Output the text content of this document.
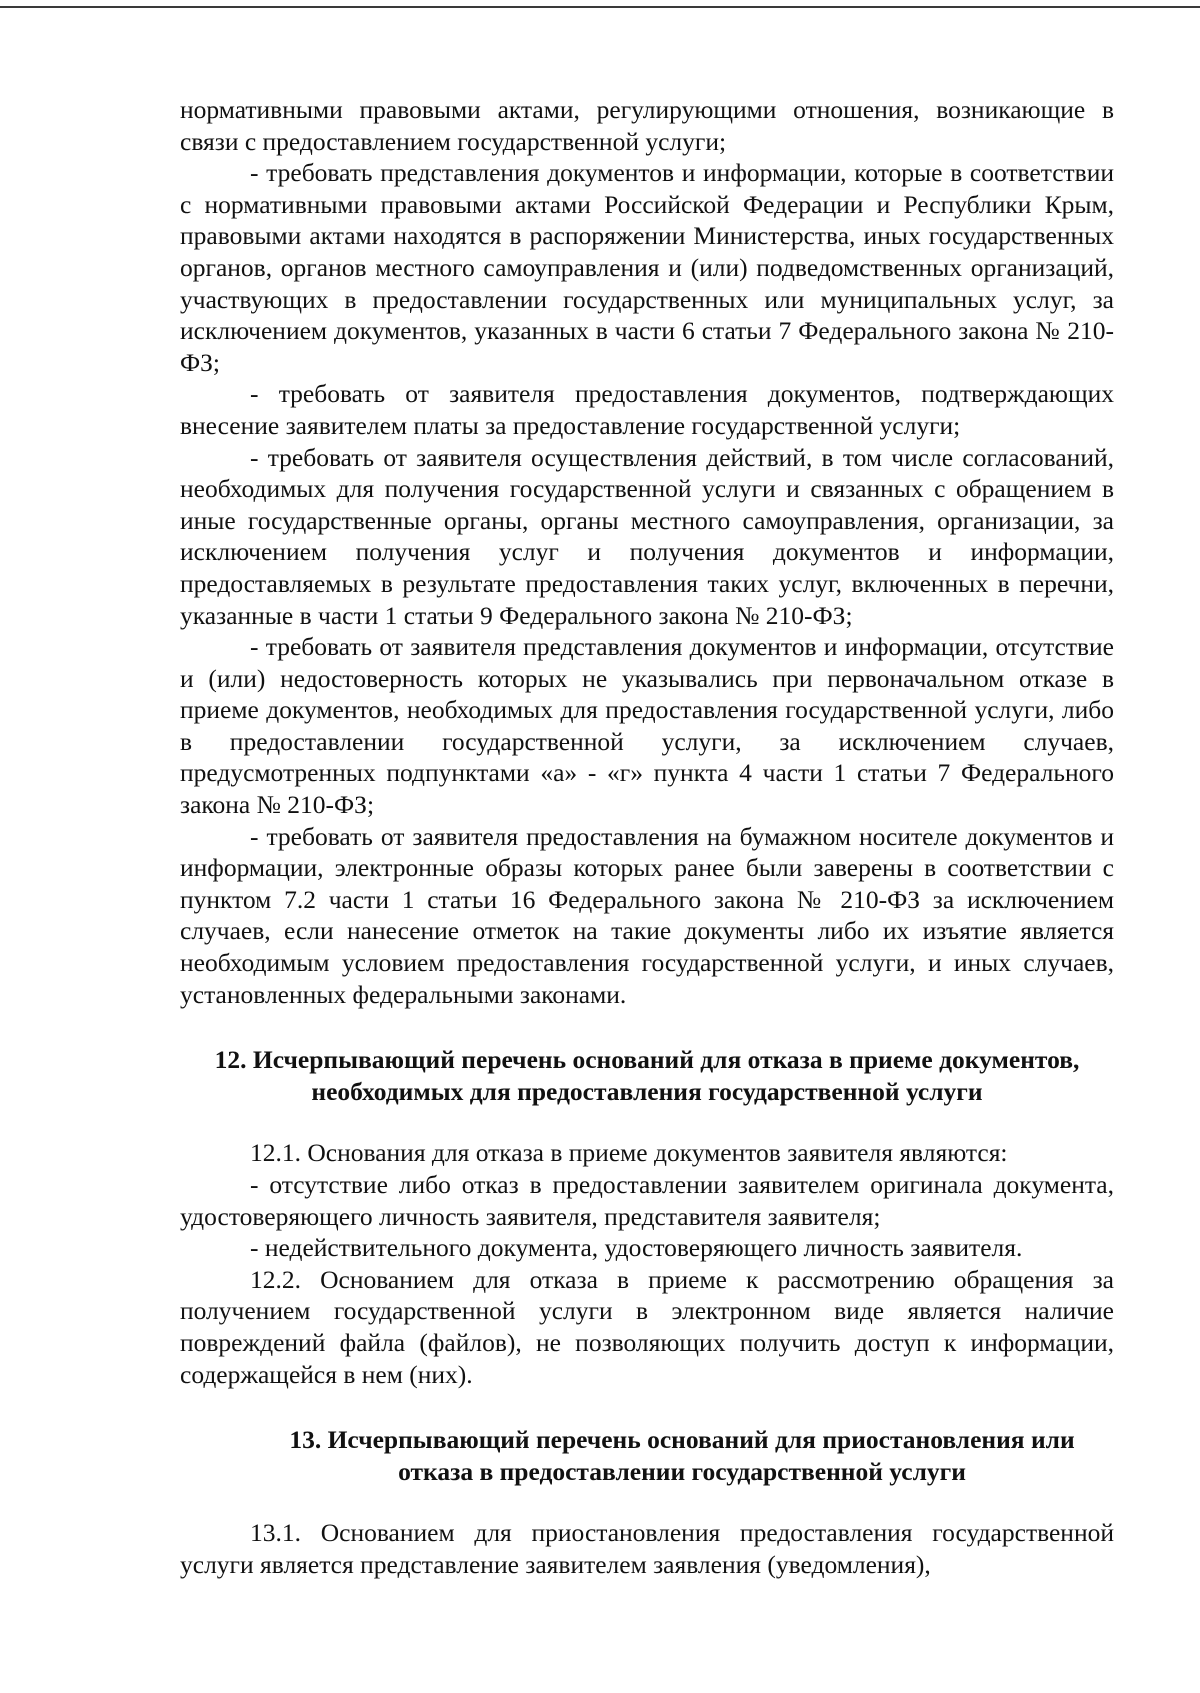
нормативными правовыми актами, регулирующими отношения, возникающие в связи с предоставлением государственной услуги;

- требовать представления документов и информации, которые в соответствии с нормативными правовыми актами Российской Федерации и Республики Крым, правовыми актами находятся в распоряжении Министерства, иных государственных органов, органов местного самоуправления и (или) подведомственных организаций, участвующих в предоставлении государственных или муниципальных услуг, за исключением документов, указанных в части 6 статьи 7 Федерального закона № 210-ФЗ;

- требовать от заявителя предоставления документов, подтверждающих внесение заявителем платы за предоставление государственной услуги;

- требовать от заявителя осуществления действий, в том числе согласований, необходимых для получения государственной услуги и связанных с обращением в иные государственные органы, органы местного самоуправления, организации, за исключением получения услуг и получения документов и информации, предоставляемых в результате предоставления таких услуг, включенных в перечни, указанные в части 1 статьи 9 Федерального закона № 210-ФЗ;

- требовать от заявителя представления документов и информации, отсутствие и (или) недостоверность которых не указывались при первоначальном отказе в приеме документов, необходимых для предоставления государственной услуги, либо в предоставлении государственной услуги, за исключением случаев, предусмотренных подпунктами «а» - «г» пункта 4 части 1 статьи 7 Федерального закона № 210-ФЗ;

- требовать от заявителя предоставления на бумажном носителе документов и информации, электронные образы которых ранее были заверены в соответствии с пунктом 7.2 части 1 статьи 16 Федерального закона № 210-ФЗ за исключением случаев, если нанесение отметок на такие документы либо их изъятие является необходимым условием предоставления государственной услуги, и иных случаев, установленных федеральными законами.

12. Исчерпывающий перечень оснований для отказа в приеме документов,
необходимых для предоставления государственной услуги

12.1. Основания для отказа в приеме документов заявителя являются:

- отсутствие либо отказ в предоставлении заявителем оригинала документа, удостоверяющего личность заявителя, представителя заявителя;

- недействительного документа, удостоверяющего личность заявителя.

12.2. Основанием для отказа в приеме к рассмотрению обращения за получением государственной услуги в электронном виде является наличие повреждений файла (файлов), не позволяющих получить доступ к информации, содержащейся в нем (них).

13. Исчерпывающий перечень оснований для приостановления или
отказа в предоставлении государственной услуги

13.1. Основанием для приостановления предоставления государственной услуги является представление заявителем заявления (уведомления),
